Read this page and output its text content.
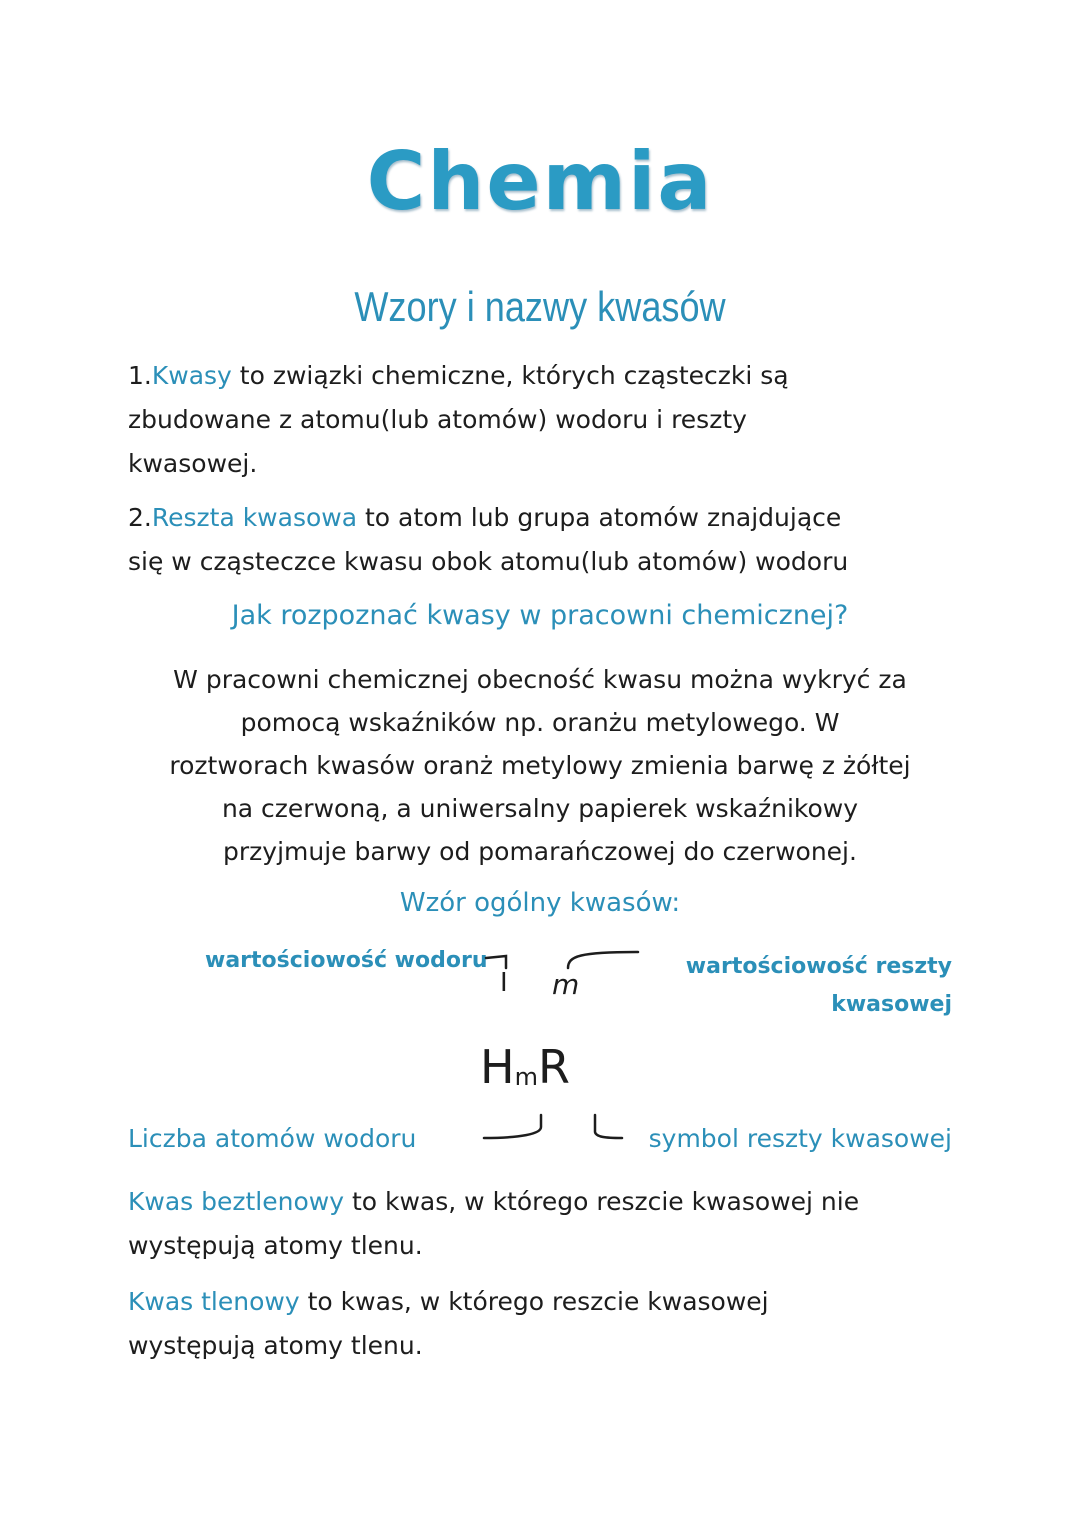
Chemia
Wzory i nazwy kwasów
1.Kwasy to związki chemiczne, których cząsteczki są
zbudowane z atomu(lub atomów) wodoru i reszty
kwasowej.
2.Reszta kwasowa to atom lub grupa atomów znajdujące
się w cząsteczce kwasu obok atomu(lub atomów) wodoru
Jak rozpoznać kwasy w pracowni chemicznej?
W pracowni chemicznej obecność kwasu można wykryć za
pomocą wskaźników np. oranżu metylowego. W
roztworach kwasów oranż metylowy zmienia barwę z żółtej
na czerwoną, a uniwersalny papierek wskaźnikowy
przyjmuje barwy od pomarańczowej do czerwonej.
Wzór ogólny kwasów:
wartościowość wodoru	wartościowość reszty
kwasowej
I m
$H_mR$
Liczba atomów wodoru	symbol reszty kwasowej
Kwas beztlenowy to kwas, w którego reszcie kwasowej nie
występują atomy tlenu.
Kwas tlenowy to kwas, w którego reszcie kwasowej
występują atomy tlenu.
